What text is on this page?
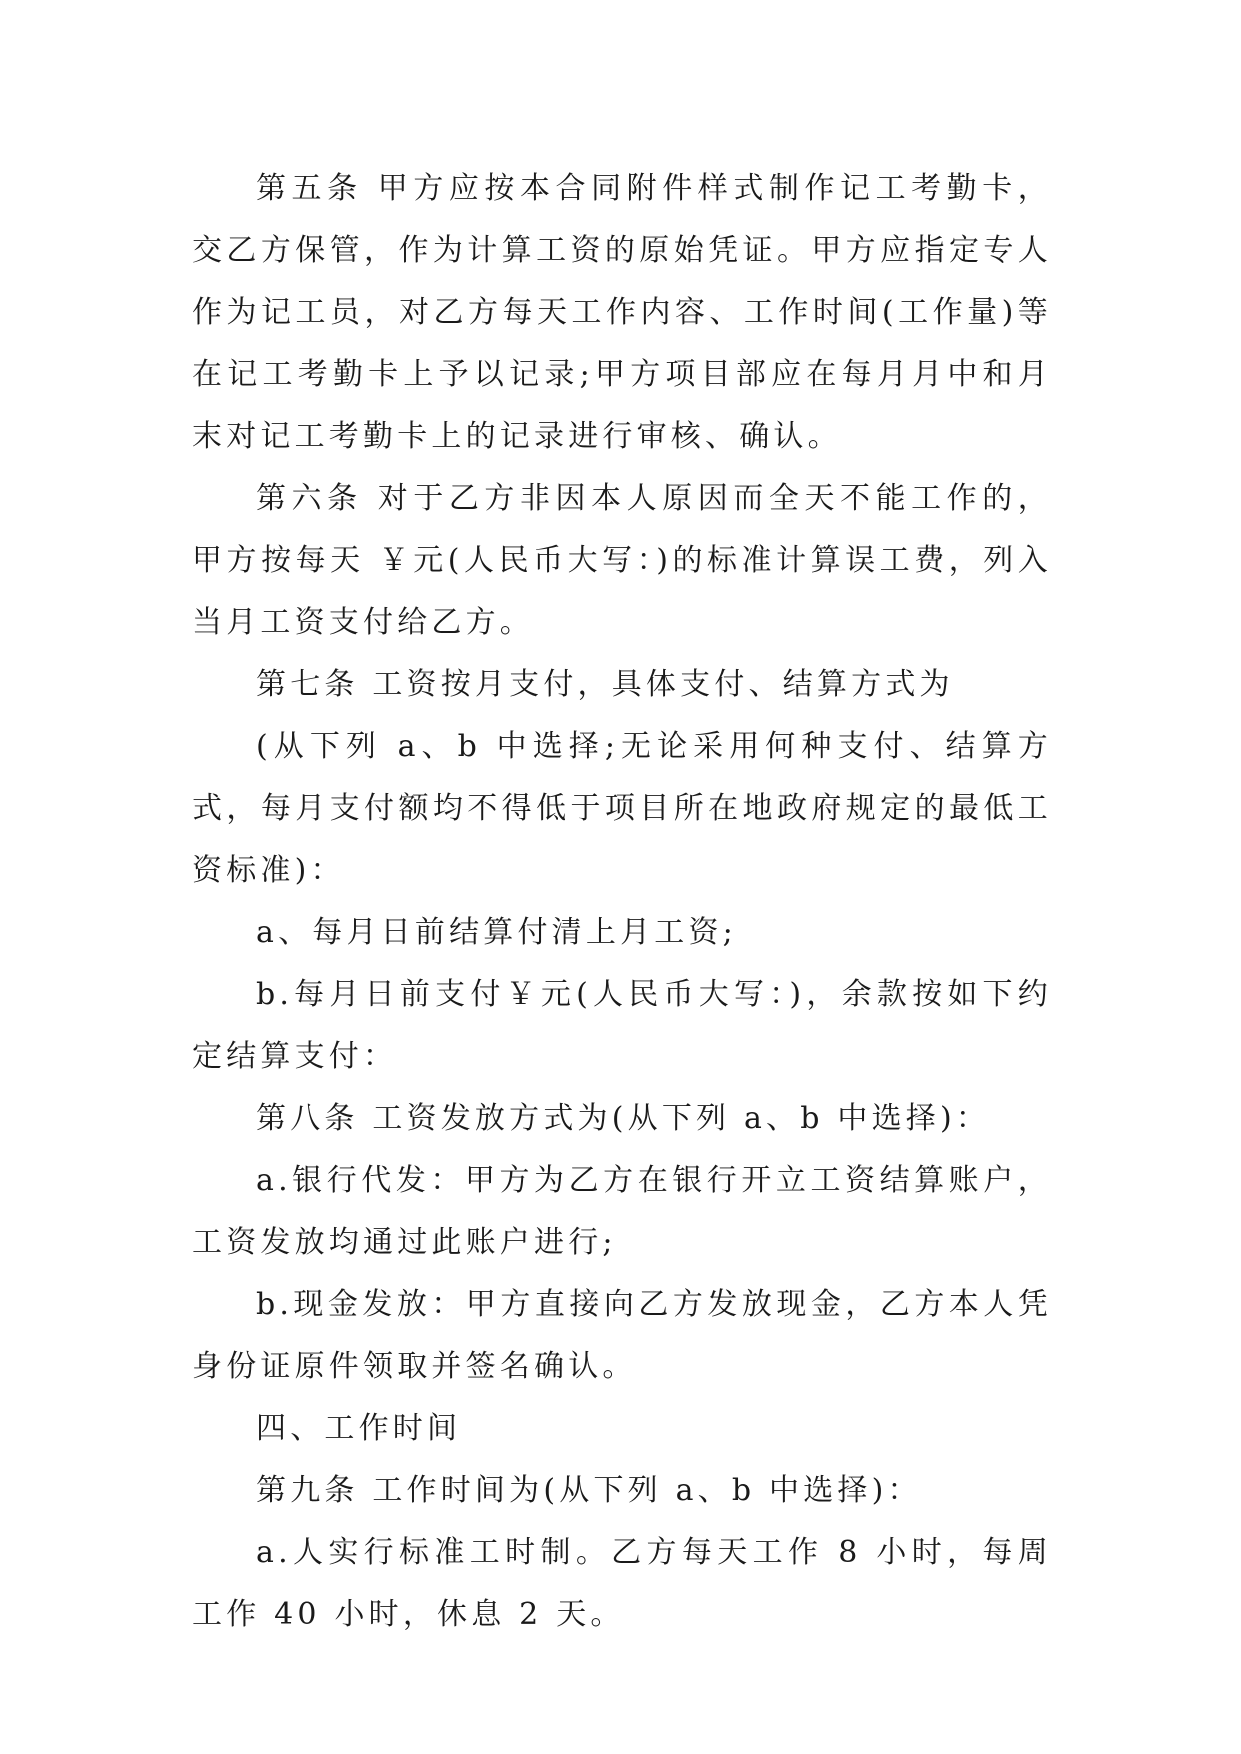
第五条 甲方应按本合同附件样式制作记工考勤卡，交乙方保管，作为计算工资的原始凭证。甲方应指定专人作为记工员，对乙方每天工作内容、工作时间(工作量)等在记工考勤卡上予以记录;甲方项目部应在每月月中和月末对记工考勤卡上的记录进行审核、确认。

第六条 对于乙方非因本人原因而全天不能工作的，甲方按每天 ￥元(人民币大写：)的标准计算误工费，列入当月工资支付给乙方。

第七条 工资按月支付，具体支付、结算方式为

(从下列 a、b 中选择;无论采用何种支付、结算方式，每月支付额均不得低于项目所在地政府规定的最低工资标准)：

a、每月日前结算付清上月工资;

b.每月日前支付￥元(人民币大写：)，余款按如下约定结算支付：

第八条 工资发放方式为(从下列 a、b 中选择)：

a.银行代发：甲方为乙方在银行开立工资结算账户，工资发放均通过此账户进行;

b.现金发放：甲方直接向乙方发放现金，乙方本人凭身份证原件领取并签名确认。

四、工作时间

第九条 工作时间为(从下列 a、b 中选择)：

a.人实行标准工时制。乙方每天工作 8 小时，每周工作 40 小时，休息 2 天。
